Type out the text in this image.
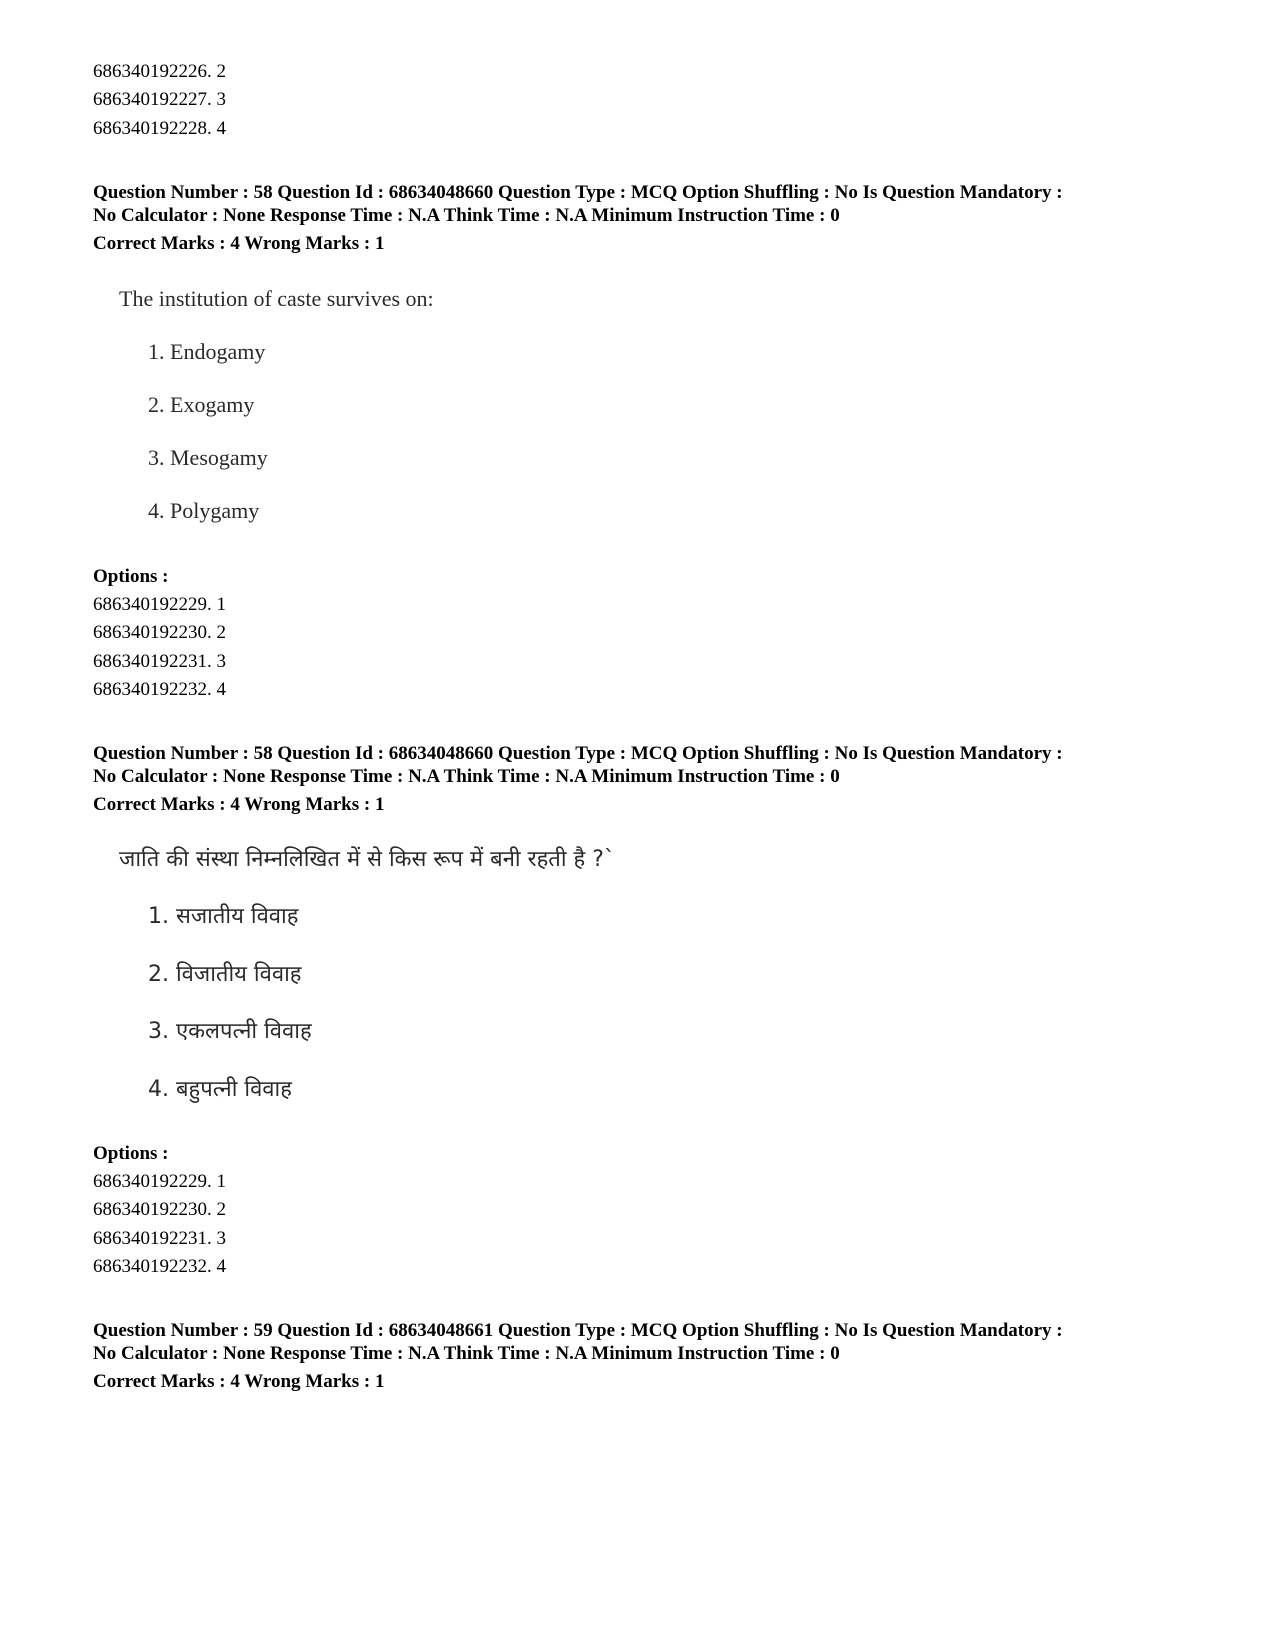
686340192226. 2
686340192227. 3
686340192228. 4
Question Number : 58 Question Id : 68634048660 Question Type : MCQ Option Shuffling : No Is Question Mandatory :
No Calculator : None Response Time : N.A Think Time : N.A Minimum Instruction Time : 0
Correct Marks : 4 Wrong Marks : 1
The institution of caste survives on:
1. Endogamy
2. Exogamy
3. Mesogamy
4. Polygamy
Options :
686340192229. 1
686340192230. 2
686340192231. 3
686340192232. 4
Question Number : 58 Question Id : 68634048660 Question Type : MCQ Option Shuffling : No Is Question Mandatory :
No Calculator : None Response Time : N.A Think Time : N.A Minimum Instruction Time : 0
Correct Marks : 4 Wrong Marks : 1
जाति की संस्था निम्नलिखित में से किस रूप में बनी रहती है ?`
1. सजातीय विवाह
2. विजातीय विवाह
3. एकलपत्नी विवाह
4. बहुपत्नी विवाह
Options :
686340192229. 1
686340192230. 2
686340192231. 3
686340192232. 4
Question Number : 59 Question Id : 68634048661 Question Type : MCQ Option Shuffling : No Is Question Mandatory :
No Calculator : None Response Time : N.A Think Time : N.A Minimum Instruction Time : 0
Correct Marks : 4 Wrong Marks : 1
